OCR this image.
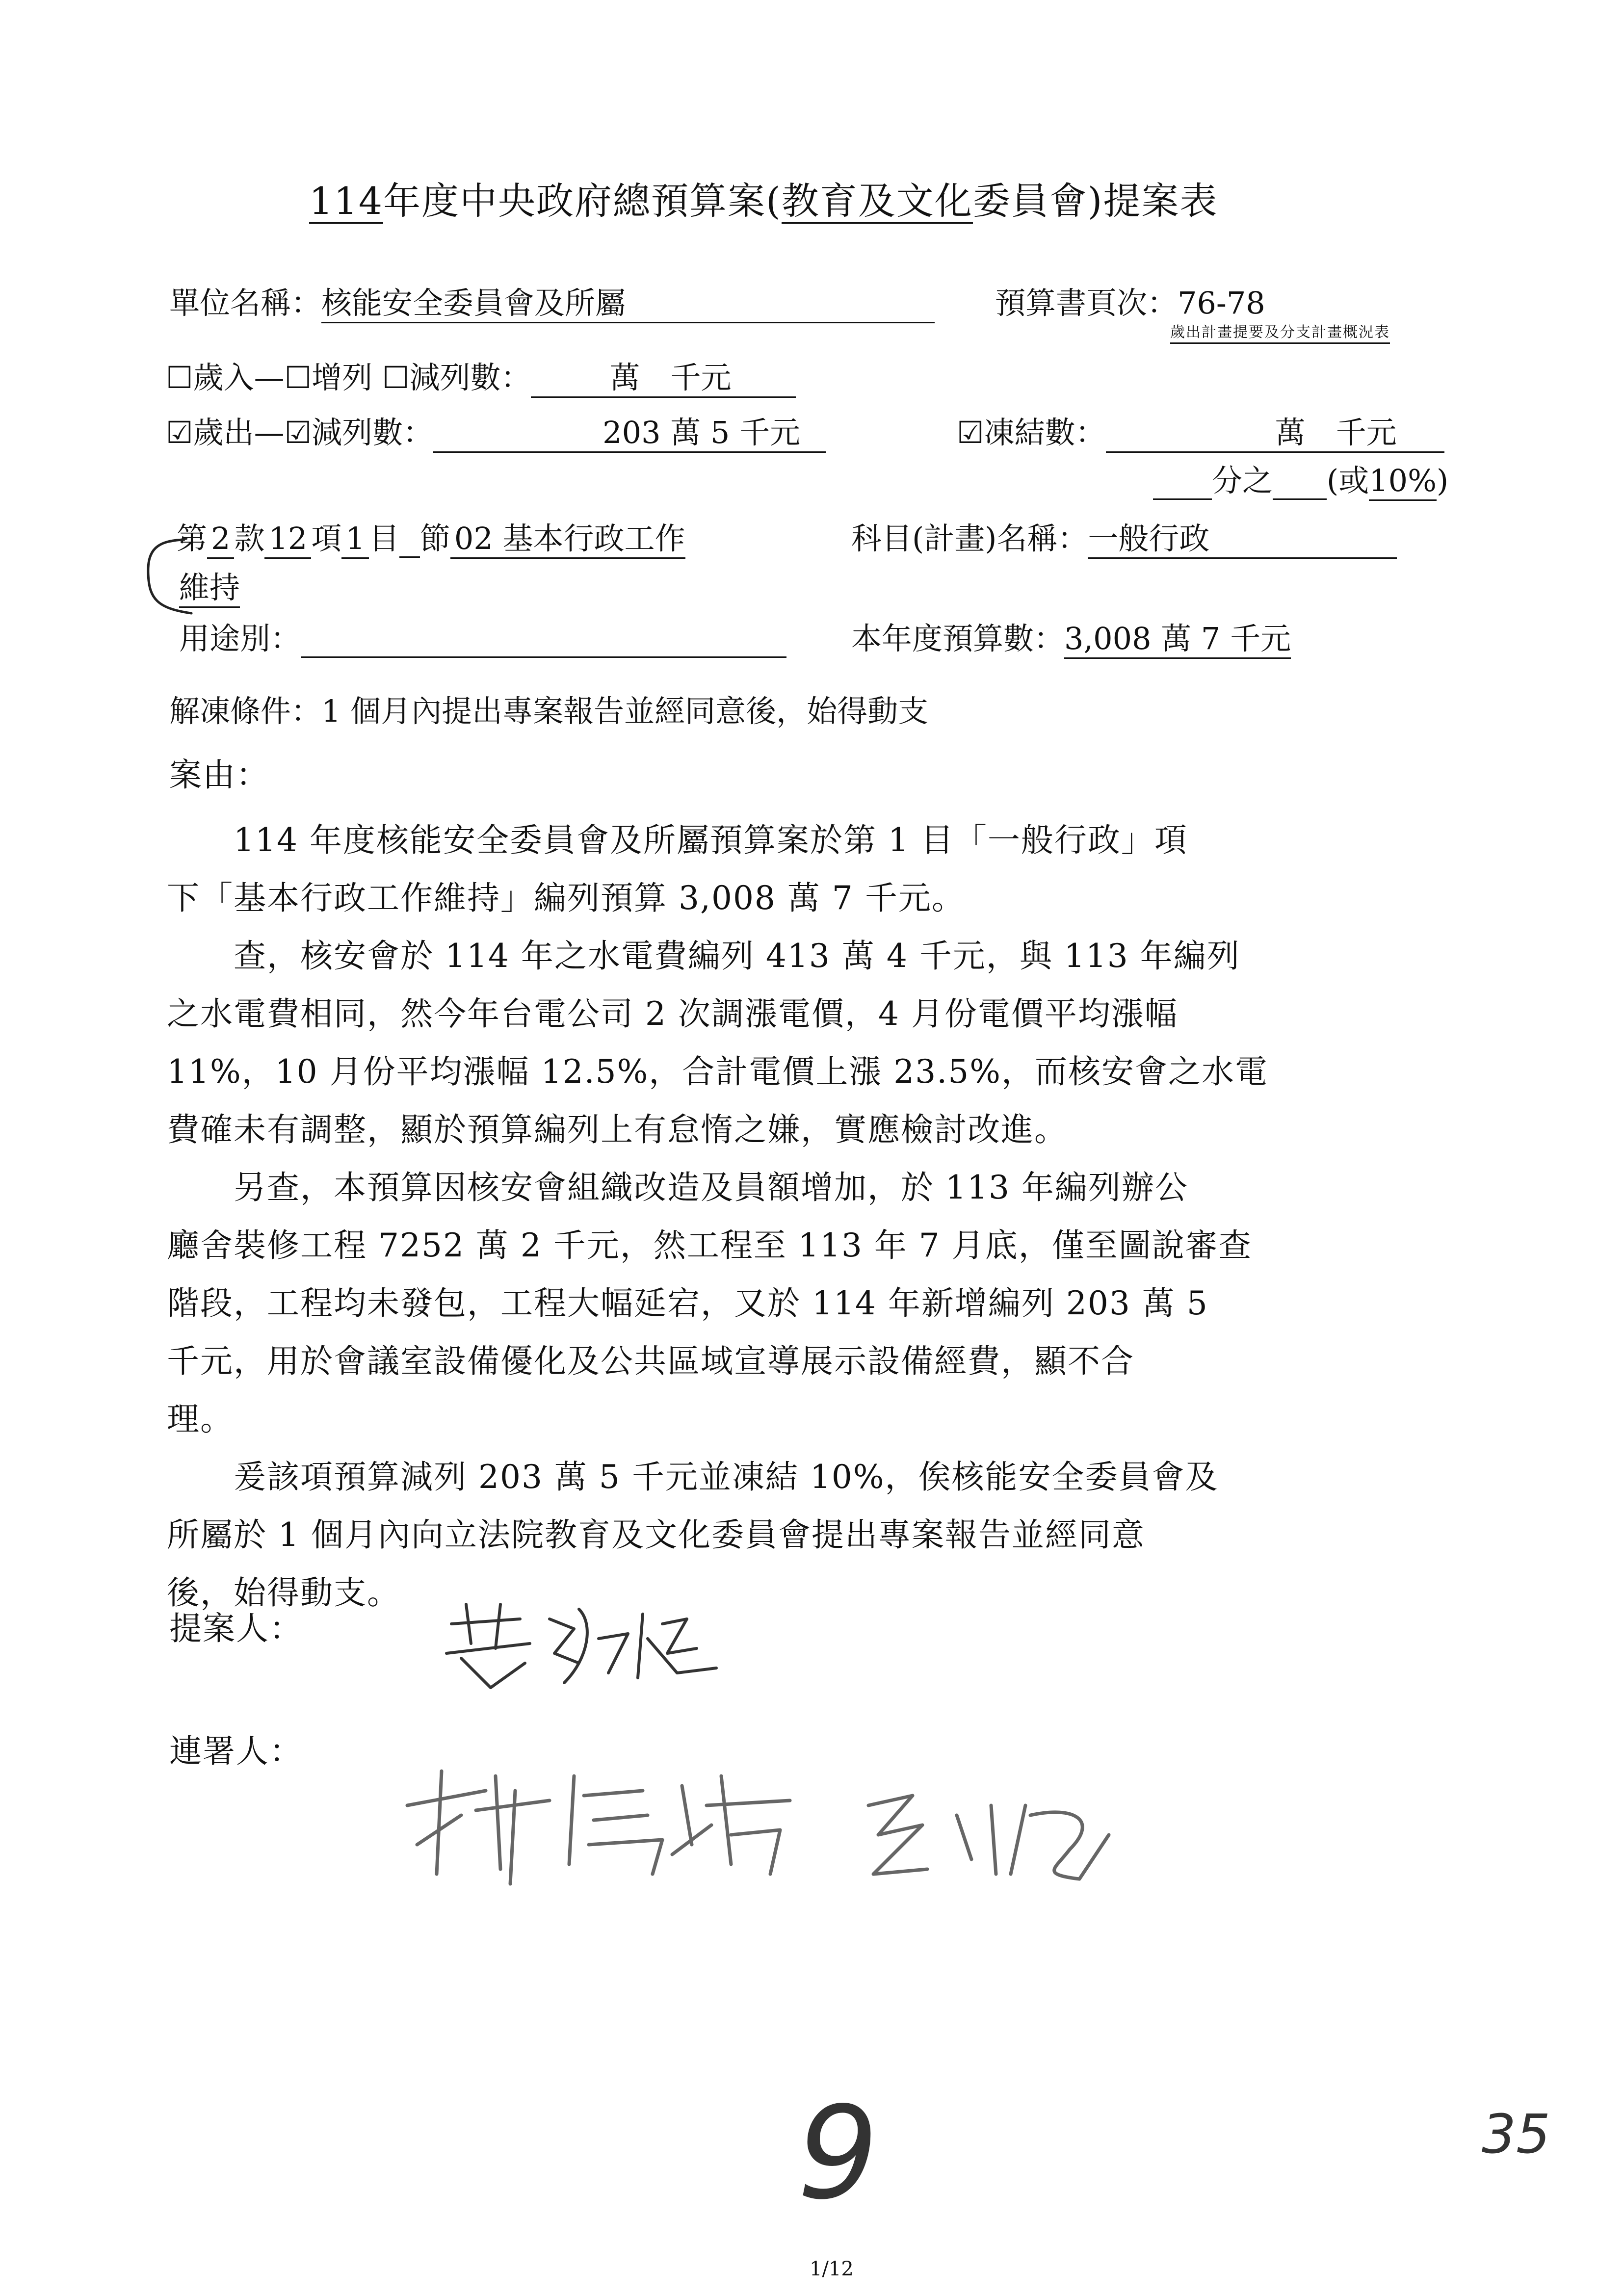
114年度中央政府總預算案(教育及文化委員會)提案表
單位名稱：核能安全委員會及所屬	預算書頁次：76-78
歲出計畫提要及分支計畫概況表
☐歲入—☐增列 ☐減列數：	萬　千元
☑歲出—☑減列數：	203 萬 5 千元	☑凍結數：	萬　千元
分之 (或10%)
第 2 款 12 項 1 目 節 02 基本行政工作	科目(計畫)名稱：一般行政
維持
用途別：	本年度預算數：3,008 萬 7 千元
解凍條件：1 個月內提出專案報告並經同意後，始得動支
案由：
　　114 年度核能安全委員會及所屬預算案於第 1 目「一般行政」項
下「基本行政工作維持」編列預算 3,008 萬 7 千元。
　　查，核安會於 114 年之水電費編列 413 萬 4 千元，與 113 年編列
之水電費相同，然今年台電公司 2 次調漲電價，4 月份電價平均漲幅
11%，10 月份平均漲幅 12.5%，合計電價上漲 23.5%，而核安會之水電
費確未有調整，顯於預算編列上有怠惰之嫌，實應檢討改進。
　　另查，本預算因核安會組織改造及員額增加，於 113 年編列辦公
廳舍裝修工程 7252 萬 2 千元，然工程至 113 年 7 月底，僅至圖說審查
階段，工程均未發包，工程大幅延宕，又於 114 年新增編列 203 萬 5
千元，用於會議室設備優化及公共區域宣導展示設備經費，顯不合
理。
　　爰該項預算減列 203 萬 5 千元並凍結 10%，俟核能安全委員會及
所屬於 1 個月內向立法院教育及文化委員會提出專案報告並經同意
後，始得動支。
提案人：
連署人：
9	35
1/12
